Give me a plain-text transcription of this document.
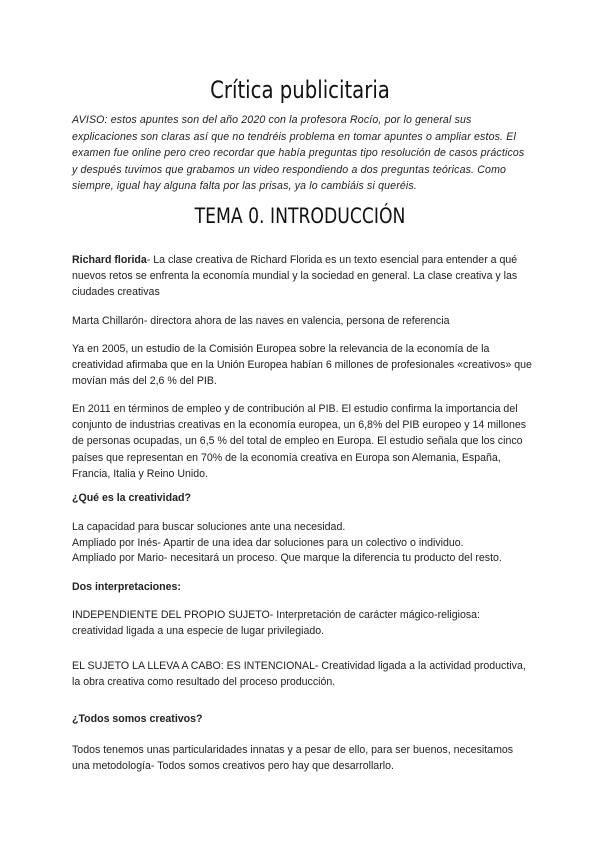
Crítica publicitaria
AVISO: estos apuntes son del año 2020 con la profesora Rocío, por lo general sus explicaciones son claras así que no tendréis problema en tomar apuntes o ampliar estos. El examen fue online pero creo recordar que había preguntas tipo resolución de casos prácticos y después tuvimos que grabamos un video respondiendo a dos preguntas teóricas. Como siempre, igual hay alguna falta por las prisas, ya lo cambiáis si queréis.
TEMA 0. INTRODUCCIÓN
Richard florida- La clase creativa de Richard Florida es un texto esencial para entender a qué nuevos retos se enfrenta la economía mundial y la sociedad en general. La clase creativa y las ciudades creativas
Marta Chillarón- directora ahora de las naves en valencia, persona de referencia
Ya en 2005, un estudio de la Comisión Europea sobre la relevancia de la economía de la creatividad afirmaba que en la Unión Europea habían 6 millones de profesionales «creativos» que movían más del 2,6 % del PIB.
En 2011 en términos de empleo y de contribución al PIB. El estudio confirma la importancia del conjunto de industrias creativas en la economía europea, un 6,8% del PIB europeo y 14 millones de personas ocupadas, un 6,5 % del total de empleo en Europa. El estudio señala que los cinco países que representan en 70% de la economía creativa en Europa son Alemania, España, Francia, Italia y Reino Unido.
¿Qué es la creatividad?
La capacidad para buscar soluciones ante una necesidad.
Ampliado por Inés- Apartir de una idea dar soluciones para un colectivo o individuo.
Ampliado por Mario- necesitará un proceso. Que marque la diferencia tu producto del resto.
Dos interpretaciones:
INDEPENDIENTE DEL PROPIO SUJETO- Interpretación de carácter mágico-religiosa: creatividad ligada a una especie de lugar privilegiado.
EL SUJETO LA LLEVA A CABO: ES INTENCIONAL- Creatividad ligada a la actividad productiva, la obra creativa como resultado del proceso producción.
¿Todos somos creativos?
Todos tenemos unas particularidades innatas y a pesar de ello, para ser buenos, necesitamos una metodología- Todos somos creativos pero hay que desarrollarlo.
